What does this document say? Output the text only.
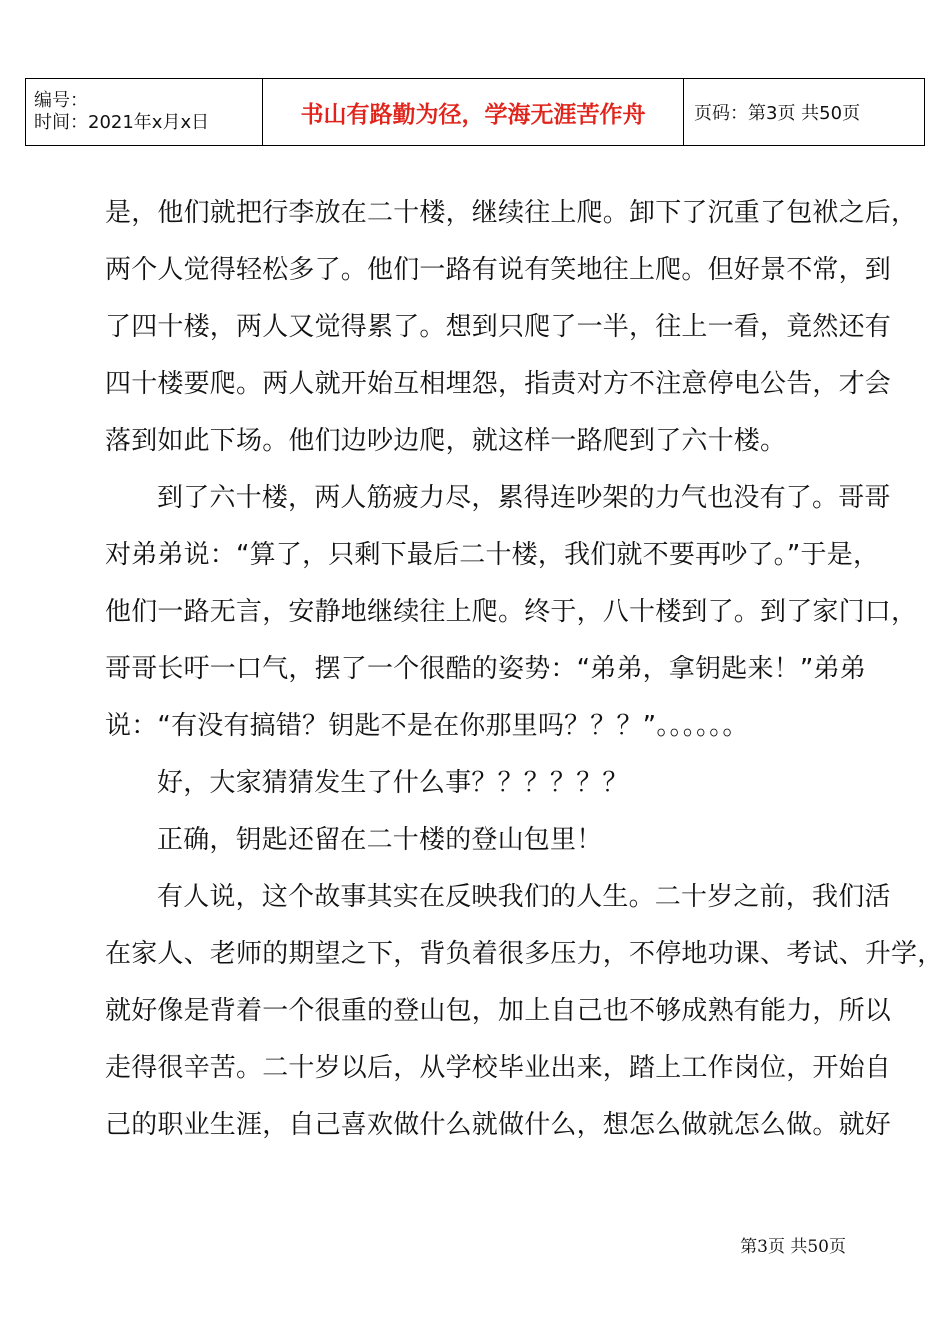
编号：
时间：2021年x月x日	书山有路勤为径，学海无涯苦作舟	页码：第3页 共50页
是，他们就把行李放在二十楼，继续往上爬。卸下了沉重了包袱之后，
两个人觉得轻松多了。他们一路有说有笑地往上爬。但好景不常，到
了四十楼，两人又觉得累了。想到只爬了一半，往上一看，竟然还有
四十楼要爬。两人就开始互相埋怨，指责对方不注意停电公告，才会
落到如此下场。他们边吵边爬，就这样一路爬到了六十楼。
到了六十楼，两人筋疲力尽，累得连吵架的力气也没有了。哥哥
对弟弟说：“算了，只剩下最后二十楼，我们就不要再吵了。”于是，
他们一路无言，安静地继续往上爬。终于，八十楼到了。到了家门口，
哥哥长吁一口气，摆了一个很酷的姿势：“弟弟，拿钥匙来！”弟弟
说：“有没有搞错？钥匙不是在你那里吗？？？”。。。。。。
好，大家猜猜发生了什么事？？？？？？
正确，钥匙还留在二十楼的登山包里！
有人说，这个故事其实在反映我们的人生。二十岁之前，我们活
在家人、老师的期望之下，背负着很多压力，不停地功课、考试、升学，
就好像是背着一个很重的登山包，加上自己也不够成熟有能力，所以
走得很辛苦。二十岁以后，从学校毕业出来，踏上工作岗位，开始自
己的职业生涯，自己喜欢做什么就做什么，想怎么做就怎么做。就好
第3页 共50页
